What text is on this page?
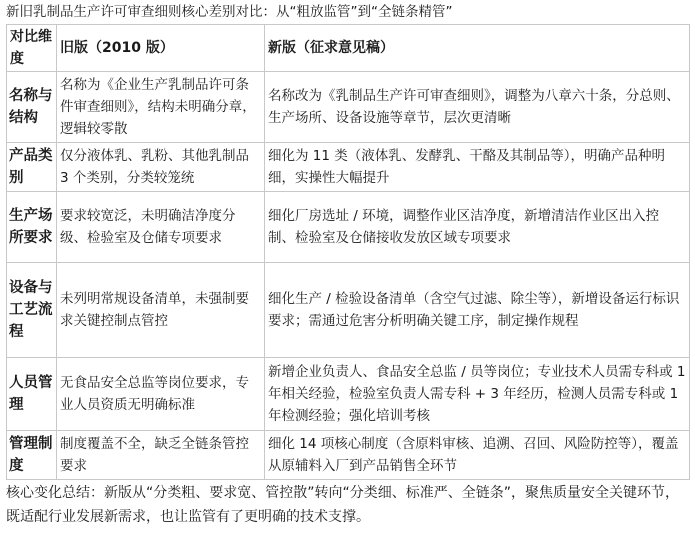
新旧乳制品生产许可审查细则核心差别对比：从“粗放监管”到“全链条精管”
对比维度	旧版（2010 版）	新版（征求意见稿）
名称与结构	名称为《企业生产乳制品许可条件审查细则》，结构未明确分章，逻辑较零散	名称改为《乳制品生产许可审查细则》，调整为八章六十条，分总则、生产场所、设备设施等章节，层次更清晰
产品类别	仅分液体乳、乳粉、其他乳制品 3 个类别，分类较笼统	细化为 11 类（液体乳、发酵乳、干酪及其制品等），明确产品种明细，实操性大幅提升
生产场所要求	要求较宽泛，未明确洁净度分级、检验室及仓储专项要求	细化厂房选址 / 环境，调整作业区洁净度，新增清洁作业区出入控制、检验室及仓储接收发放区域专项要求
设备与工艺流程	未列明常规设备清单，未强制要求关键控制点管控	细化生产 / 检验设备清单（含空气过滤、除尘等），新增设备运行标识要求；需通过危害分析明确关键工序，制定操作规程
人员管理	无食品安全总监等岗位要求，专业人员资质无明确标准	新增企业负责人、食品安全总监 / 员等岗位；专业技术人员需专科或 1 年相关经验，检验室负责人需专科 + 3 年经历，检测人员需专科或 1 年检测经验；强化培训考核
管理制度	制度覆盖不全，缺乏全链条管控要求	细化 14 项核心制度（含原料审核、追溯、召回、风险防控等），覆盖从原辅料入厂到产品销售全环节
核心变化总结：新版从“分类粗、要求宽、管控散”转向“分类细、标准严、全链条”，聚焦质量安全关键环节，既适配行业发展新需求，也让监管有了更明确的技术支撑。
